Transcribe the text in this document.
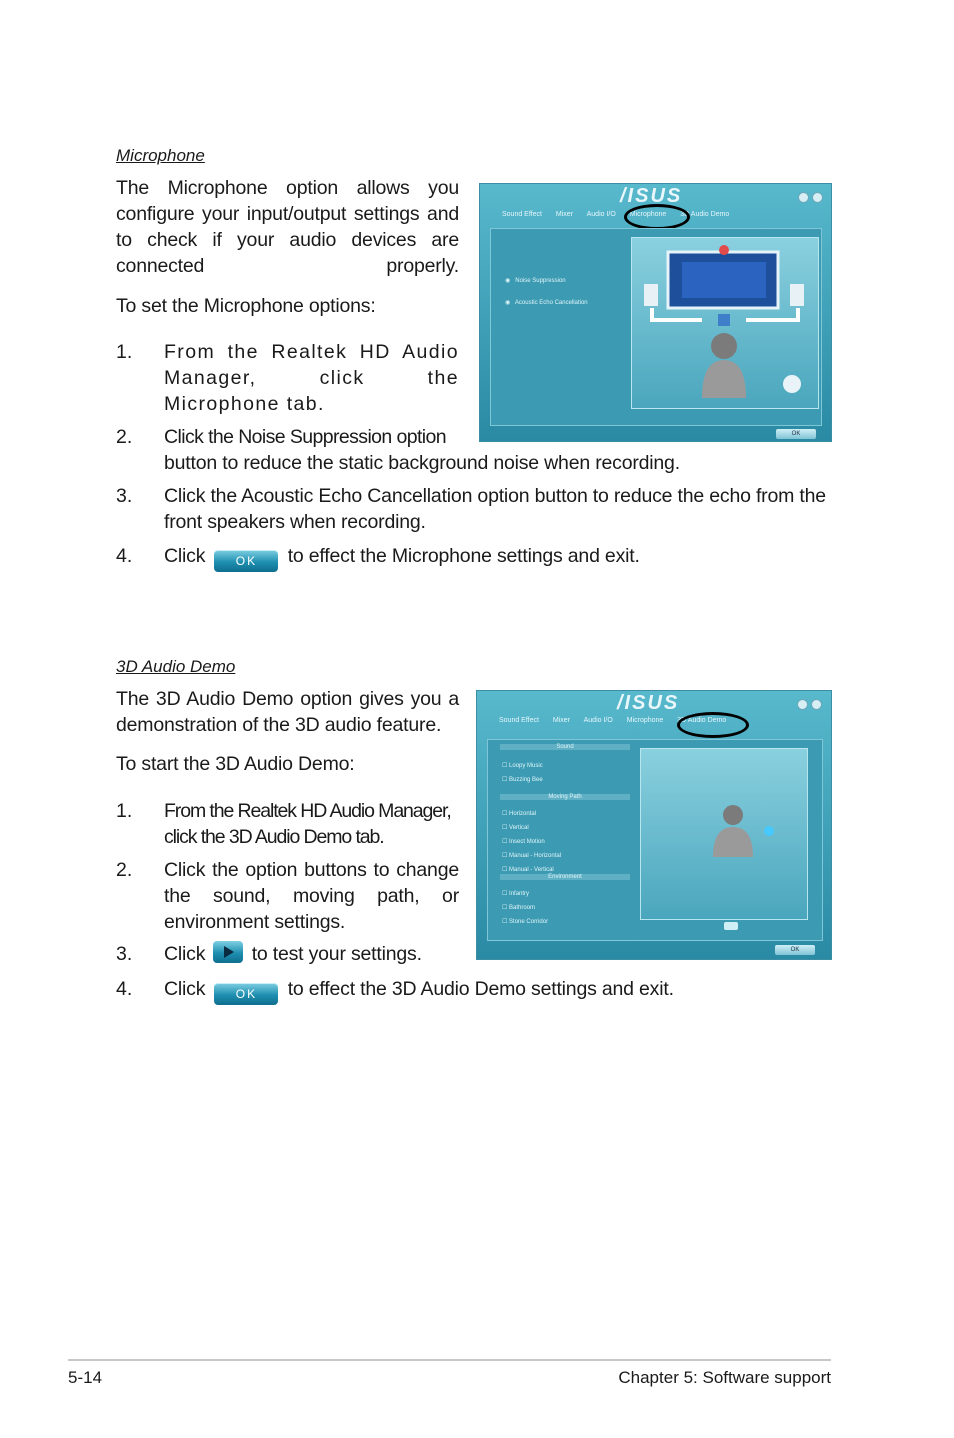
Microphone
The Microphone option allows you configure your input/output settings and to check if your audio devices are connected properly.
To set the Microphone options:
1. From the Realtek HD Audio Manager, click the Microphone tab.
2. Click the Noise Suppression option
button to reduce the static background noise when recording.
3. Click the Acoustic Echo Cancellation option button to reduce the echo from the front speakers when recording.
4. Click	OK to effect the Microphone settings and exit.
/ISUS
Sound Effect Mixer Audio I/O Microphone 3D Audio Demo
◉   Noise Suppression
◉   Acoustic Echo Cancellation
OK
3D Audio Demo
The 3D Audio Demo option gives you a demonstration of the 3D audio feature.
To start the 3D Audio Demo:
1. From the Realtek HD Audio Manager, click the 3D Audio Demo tab.
2. Click the option buttons to change the sound, moving path, or environment settings.
3. Click to test your settings.
4. Click	OK to effect the 3D Audio Demo settings and exit.
/ISUS
Sound Effect Mixer Audio I/O Microphone 3D Audio Demo
Sound
☐ Loopy Music
☐ Buzzing Bee
Moving Path
☐ Horizontal
☐ Vertical
☐ Insect Motion
☐ Manual - Horizontal
☐ Manual - Vertical
Environment
☐ Infantry
☐ Bathroom
☐ Stone Corridor
OK
5-14	Chapter 5: Software support
